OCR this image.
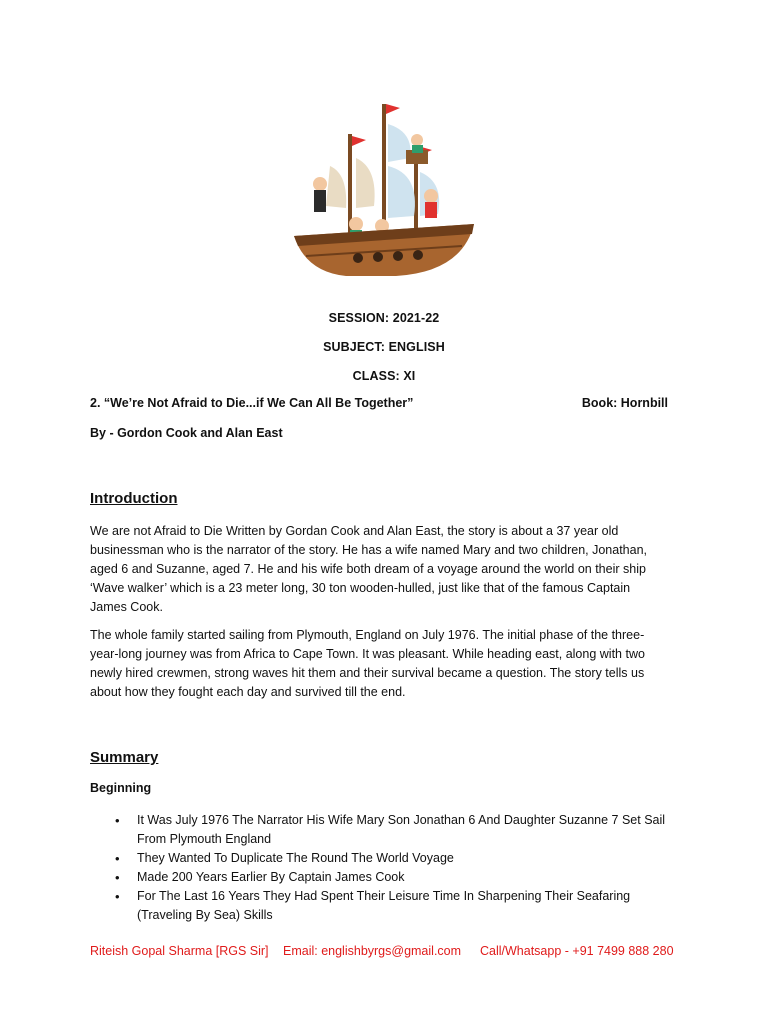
SESSION: 2021-22
SUBJECT: ENGLISH
CLASS: XI
2. “We’re Not Afraid to Die...if We Can All Be Together”	Book: Hornbill
By - Gordon Cook and Alan East
Introduction

We are not Afraid to Die Written by Gordan Cook and Alan East, the story is about a 37 year old businessman who is the narrator of the story. He has a wife named Mary and two children, Jonathan, aged 6 and Suzanne, aged 7. He and his wife both dream of a voyage around the world on their ship ‘Wave walker’ which is a 23 meter long, 30 ton wooden-hulled, just like that of the famous Captain James Cook.

The whole family started sailing from Plymouth, England on July 1976. The initial phase of the three-year-long journey was from Africa to Cape Town. It was pleasant. While heading east, along with two newly hired crewmen, strong waves hit them and their survival became a question. The story tells us about how they fought each day and survived till the end.

Summary
Beginning
• It Was July 1976 The Narrator His Wife Mary Son Jonathan 6 And Daughter Suzanne 7 Set Sail From Plymouth England
• They Wanted To Duplicate The Round The World Voyage
• Made 200 Years Earlier By Captain James Cook
• For The Last 16 Years They Had Spent Their Leisure Time In Sharpening Their Seafaring (Traveling By Sea) Skills
Riteish Gopal Sharma [RGS Sir] Email: englishbyrgs@gmail.com Call/Whatsapp - +91 7499 888 280
